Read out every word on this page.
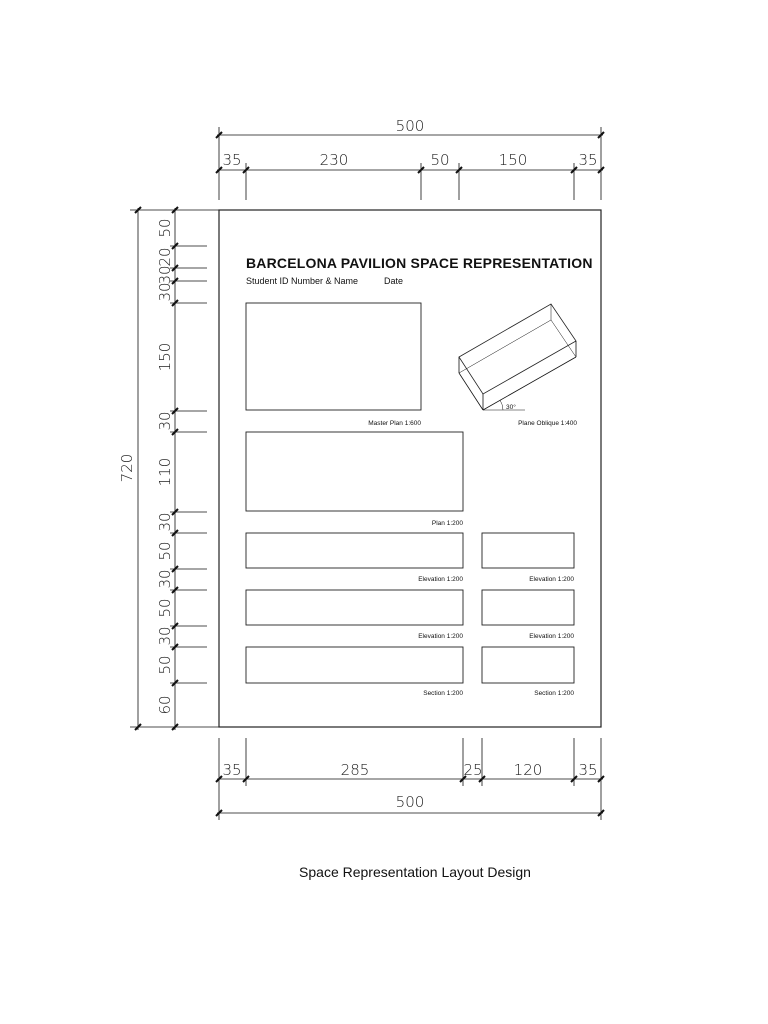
500
35	230	50	150	35
35	285	25 120 35
500
720
50
20
30
30
150
30
110
30
50
30
50
30
50
60
BARCELONA PAVILION SPACE REPRESENTATION
Student ID Number & Name	Date
Master Plan 1:600
30°
Plane Oblique 1:400
Plan 1:200
Elevation 1:200	Elevation 1:200
Elevation 1:200	Elevation 1:200
Section 1:200	Section 1:200
Space Representation Layout Design
